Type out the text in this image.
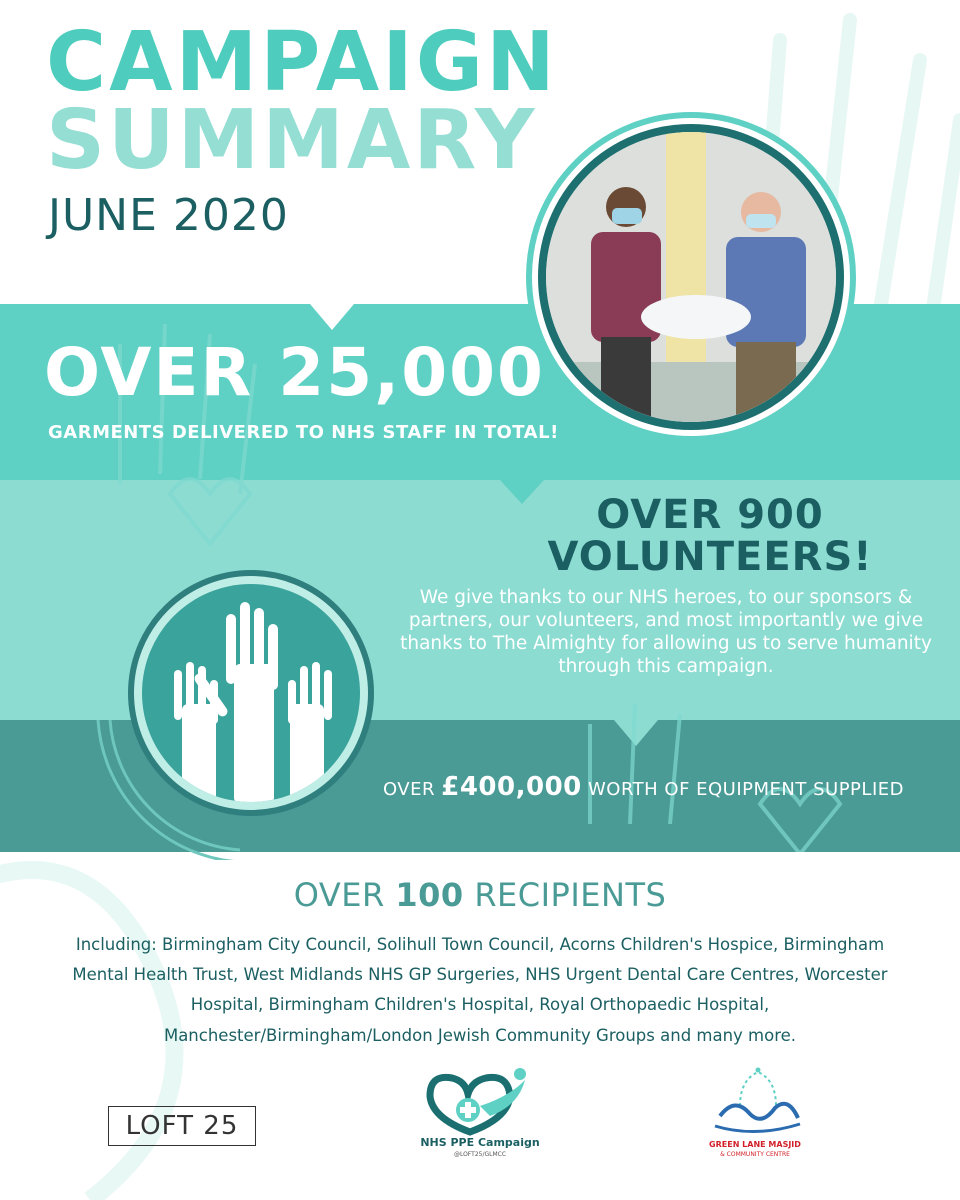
CAMPAIGN
SUMMARY
JUNE 2020
OVER 25,000
GARMENTS DELIVERED TO NHS STAFF IN TOTAL!
OVER 900
VOLUNTEERS!
We give thanks to our NHS heroes, to our sponsors & partners, our volunteers, and most importantly we give thanks to The Almighty for allowing us to serve humanity through this campaign.
OVER £400,000 WORTH OF EQUIPMENT SUPPLIED
OVER 100 RECIPIENTS
Including: Birmingham City Council, Solihull Town Council, Acorns Children's Hospice, Birmingham Mental Health Trust, West Midlands NHS GP Surgeries, NHS Urgent Dental Care Centres, Worcester Hospital, Birmingham Children's Hospital, Royal Orthopaedic Hospital, Manchester/Birmingham/London Jewish Community Groups and many more.
LOFT 25
NHS PPE Campaign
@LOFT25/GLMCC
GREEN LANE MASJID
& COMMUNITY CENTRE
